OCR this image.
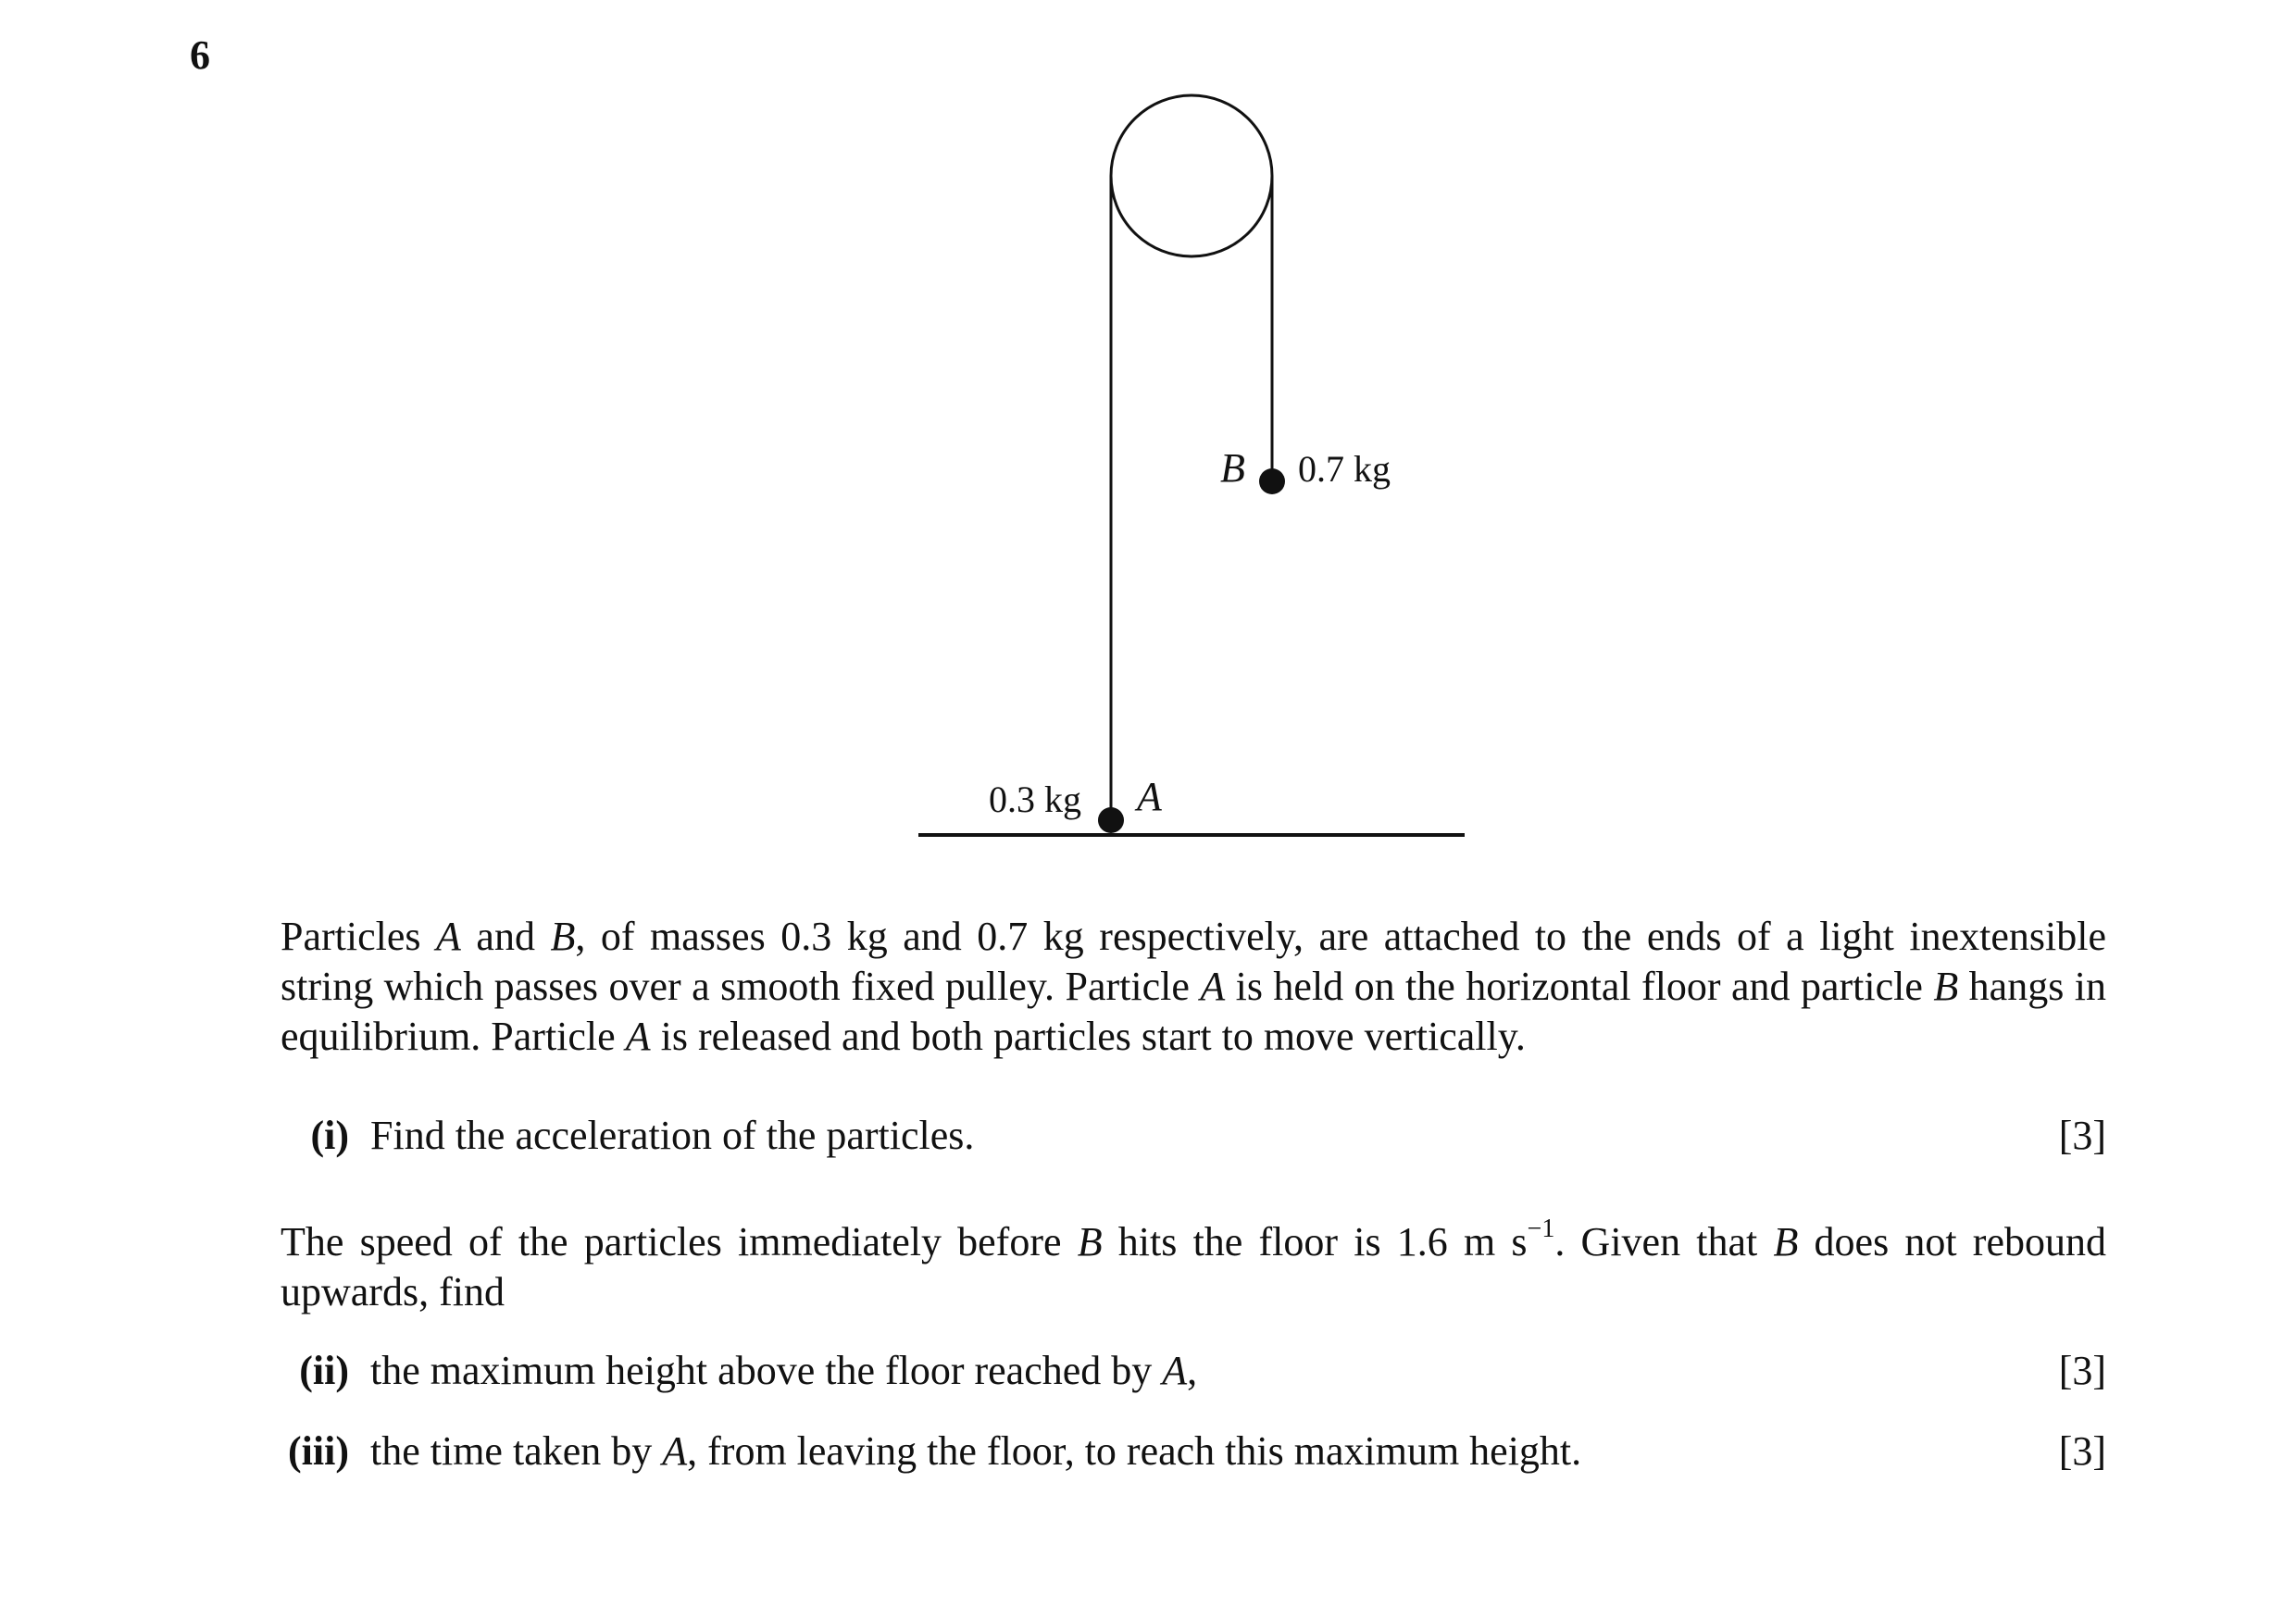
6
B 0.7 kg
0.3 kg A

Particles A and B, of masses 0.3 kg and 0.7 kg respectively, are attached to the ends of a light inextensible string which passes over a smooth fixed pulley. Particle A is held on the horizontal floor and particle B hangs in equilibrium. Particle A is released and both particles start to move vertically.

(i) Find the acceleration of the particles.	[3]

The speed of the particles immediately before B hits the floor is 1.6 m $s^{-1}$. Given that B does not rebound upwards, find

(ii) the maximum height above the floor reached by A,	[3]
(iii) the time taken by A, from leaving the floor, to reach this maximum height.	[3]
